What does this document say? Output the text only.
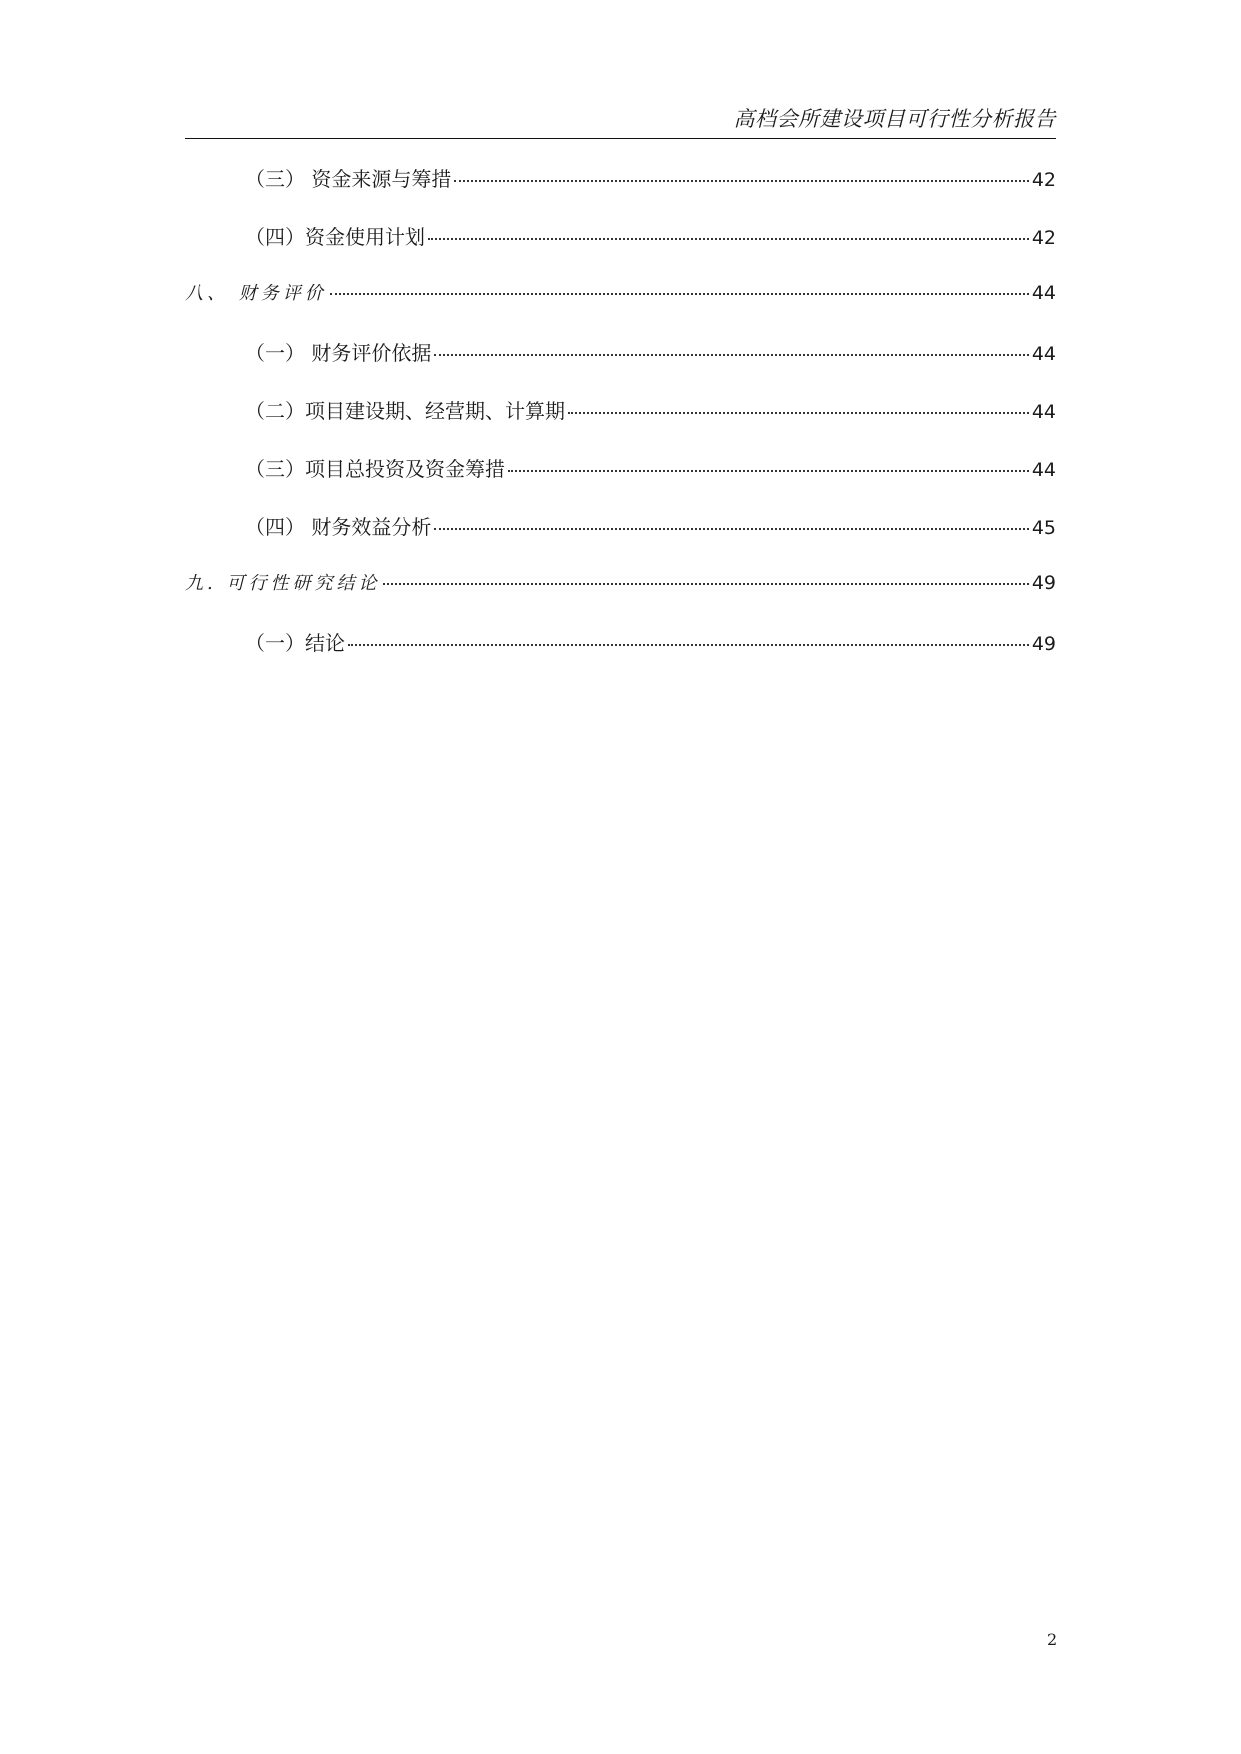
高档会所建设项目可行性分析报告
（三） 资金来源与筹措	42
（四）资金使用计划	42
八、 财务评价	44
（一） 财务评价依据	44
（二）项目建设期、经营期、计算期	44
（三）项目总投资及资金筹措	44
（四） 财务效益分析	45
九. 可行性研究结论	49
（一）结论	49
2
